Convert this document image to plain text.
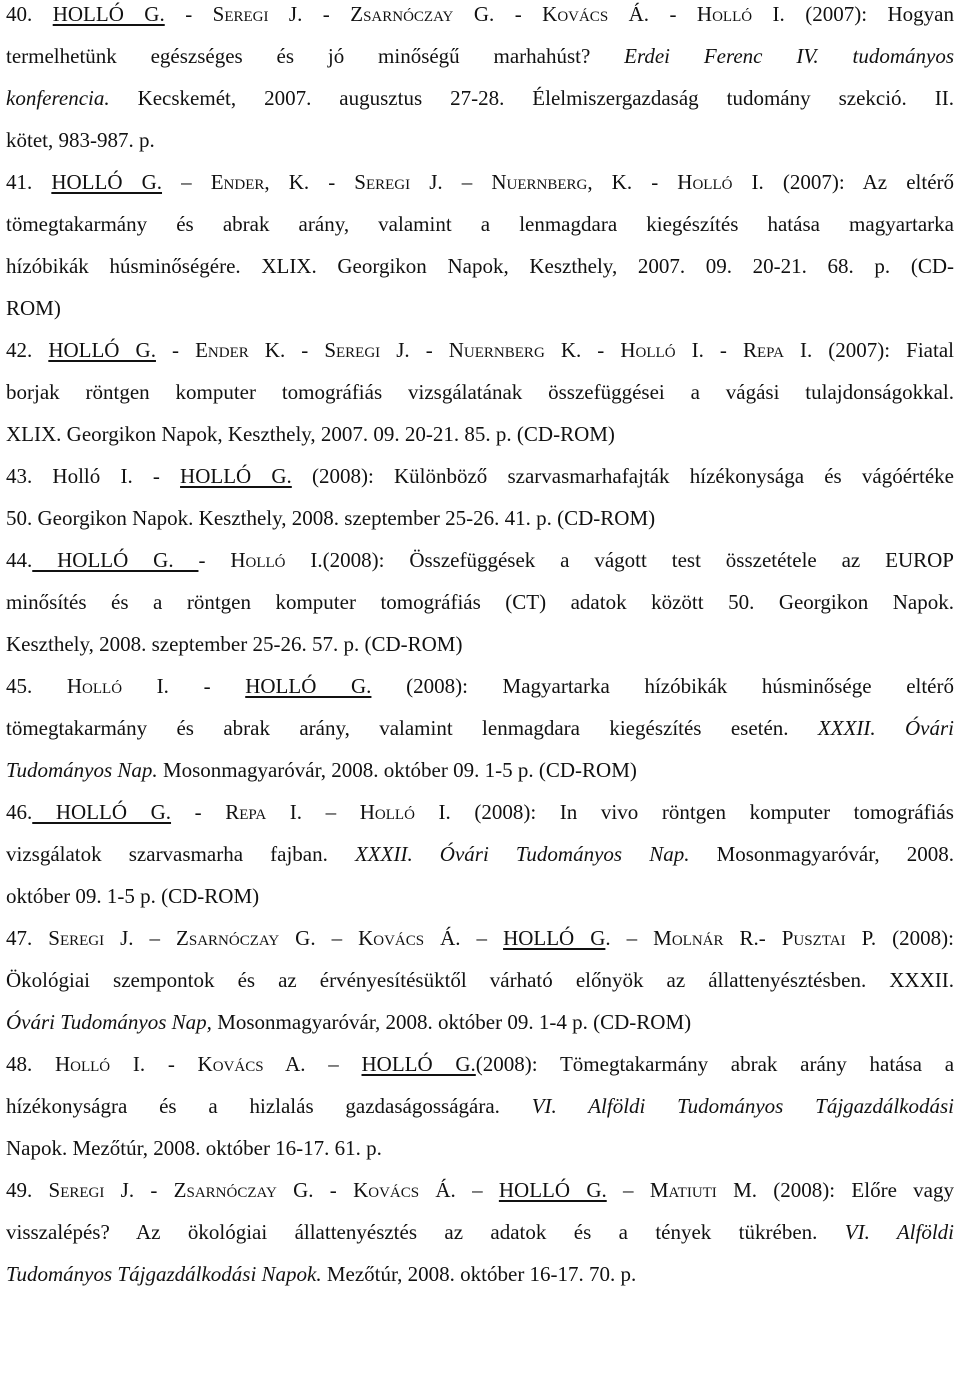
40. HOLLÓ G. - Seregi J. - Zsarnóczay G. - Kovács Á. - Holló I. (2007): Hogyan
termelhetünk egészséges és jó minőségű marhahúst? Erdei Ferenc IV. tudományos
konferencia. Kecskemét, 2007. augusztus 27-28. Élelmiszergazdaság tudomány szekció. II.
kötet, 983-987. p.
41. HOLLÓ G. – Ender, K. - Seregi J. – Nuernberg, K. - Holló I. (2007): Az eltérő
tömegtakarmány és abrak arány, valamint a lenmagdara kiegészítés hatása magyartarka
hízóbikák húsminőségére. XLIX. Georgikon Napok, Keszthely, 2007. 09. 20-21. 68. p. (CD-
ROM)
42. HOLLÓ G. - Ender K. - Seregi J. - Nuernberg K. - Holló I. - Repa I. (2007): Fiatal
borjak röntgen komputer tomográfiás vizsgálatának összefüggései a vágási tulajdonságokkal.
XLIX. Georgikon Napok, Keszthely, 2007. 09. 20-21. 85. p. (CD-ROM)
43. Holló I. - HOLLÓ G. (2008): Különböző szarvasmarhafajták hízékonysága és vágóértéke
50. Georgikon Napok. Keszthely, 2008. szeptember 25-26. 41. p. (CD-ROM)
44. HOLLÓ G. - Holló I.(2008): Összefüggések a vágott test összetétele az EUROP
minősítés és a röntgen komputer tomográfiás (CT) adatok között 50. Georgikon Napok.
Keszthely, 2008. szeptember 25-26. 57. p. (CD-ROM)
45. Holló I. - HOLLÓ G. (2008): Magyartarka hízóbikák húsminősége eltérő
tömegtakarmány és abrak arány, valamint lenmagdara kiegészítés esetén. XXXII. Óvári
Tudományos Nap. Mosonmagyaróvár, 2008. október 09. 1-5 p. (CD-ROM)
46. HOLLÓ G. - Repa I. – Holló I. (2008): In vivo röntgen komputer tomográfiás
vizsgálatok szarvasmarha fajban. XXXII. Óvári Tudományos Nap. Mosonmagyaróvár, 2008.
október 09. 1-5 p. (CD-ROM)
47. Seregi J. – Zsarnóczay G. – Kovács Á. – HOLLÓ G. – Molnár R.- Pusztai P. (2008):
Ökológiai szempontok és az érvényesítésüktől várható előnyök az állattenyésztésben. XXXII.
Óvári Tudományos Nap, Mosonmagyaróvár, 2008. október 09. 1-4 p. (CD-ROM)
48. Holló I. - Kovács A. – HOLLÓ G.(2008): Tömegtakarmány abrak arány hatása a
hízékonyságra és a hizlalás gazdaságosságára. VI. Alföldi Tudományos Tájgazdálkodási
Napok. Mezőtúr, 2008. október 16-17. 61. p.
49. Seregi J. - Zsarnóczay G. - Kovács Á. – HOLLÓ G. – Matiuti M. (2008): Előre vagy
visszalépés? Az ökológiai állattenyésztés az adatok és a tények tükrében. VI. Alföldi
Tudományos Tájgazdálkodási Napok. Mezőtúr, 2008. október 16-17. 70. p.
